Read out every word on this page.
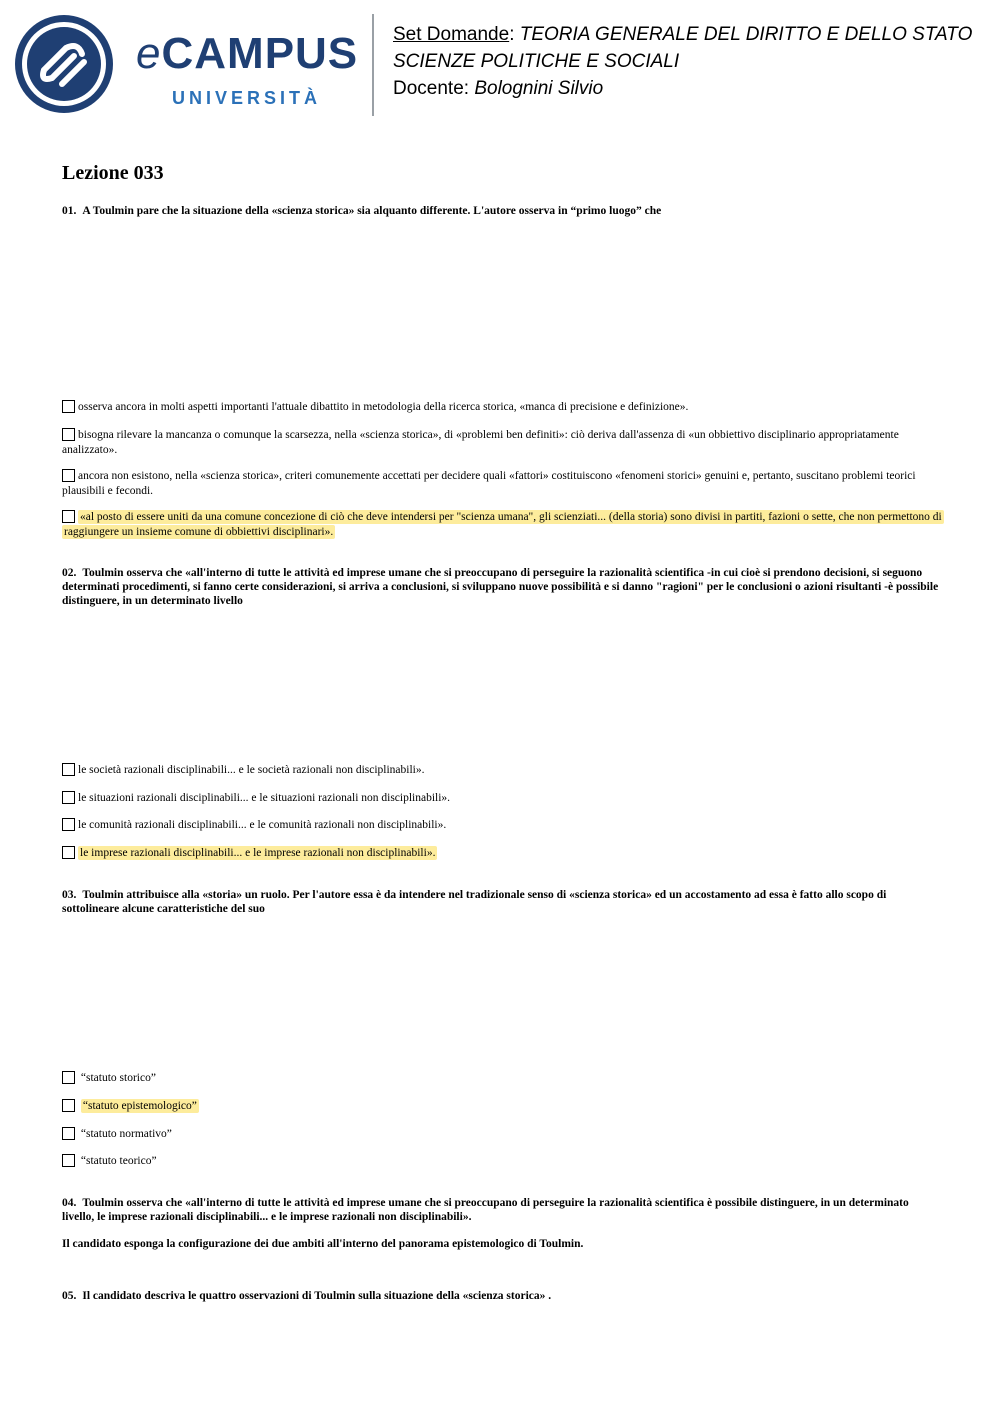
eCAMPUS
UNIVERSITÀ
Set Domande: TEORIA GENERALE DEL DIRITTO E DELLO STATO
SCIENZE POLITICHE E SOCIALI
Docente: Bolognini Silvio
Lezione 033
01. A Toulmin pare che la situazione della «scienza storica» sia alquanto differente. L'autore osserva in “primo luogo” che
osserva ancora in molti aspetti importanti l'attuale dibattito in metodologia della ricerca storica, «manca di precisione e definizione».
bisogna rilevare la mancanza o comunque la scarsezza, nella «scienza storica», di «problemi ben definiti»: ciò deriva dall'assenza di «un obbiettivo disciplinario appropriatamente analizzato».
ancora non esistono, nella «scienza storica», criteri comunemente accettati per decidere quali «fattori» costituiscono «fenomeni storici» genuini e, pertanto, suscitano problemi teorici plausibili e fecondi.
«al posto di essere uniti da una comune concezione di ciò che deve intendersi per "scienza umana", gli scienziati... (della storia) sono divisi in partiti, fazioni o sette, che non permettono di raggiungere un insieme comune di obbiettivi disciplinari».
02. Toulmin osserva che «all'interno di tutte le attività ed imprese umane che si preoccupano di perseguire la razionalità scientifica -in cui cioè si prendono decisioni, si seguono determinati procedimenti, si fanno certe considerazioni, si arriva a conclusioni, si sviluppano nuove possibilità e si danno "ragioni" per le conclusioni o azioni risultanti -è possibile distinguere, in un determinato livello
le società razionali disciplinabili... e le società razionali non disciplinabili».
le situazioni razionali disciplinabili... e le situazioni razionali non disciplinabili».
le comunità razionali disciplinabili... e le comunità razionali non disciplinabili».
le imprese razionali disciplinabili... e le imprese razionali non disciplinabili».
03. Toulmin attribuisce alla «storia» un ruolo. Per l'autore essa è da intendere nel tradizionale senso di «scienza storica» ed un accostamento ad essa è fatto allo scopo di sottolineare alcune caratteristiche del suo
“statuto storico”
“statuto epistemologico”
“statuto normativo”
“statuto teorico”
04. Toulmin osserva che «all'interno di tutte le attività ed imprese umane che si preoccupano di perseguire la razionalità scientifica è possibile distinguere, in un determinato livello, le imprese razionali disciplinabili... e le imprese razionali non disciplinabili».
Il candidato esponga la configurazione dei due ambiti all'interno del panorama epistemologico di Toulmin.
05. Il candidato descriva le quattro osservazioni di Toulmin sulla situazione della «scienza storica» .
